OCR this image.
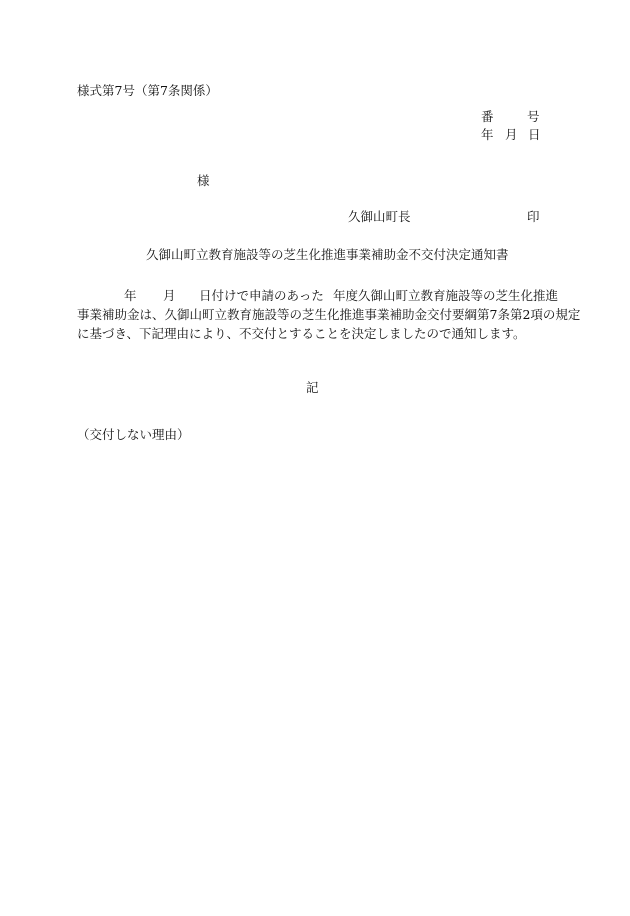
様式第7号（第7条関係）
番	号
年 月 日
様
久御山町長	印
久御山町立教育施設等の芝生化推進事業補助金不交付決定通知書
年 月 日付けで申請のあった 年度久御山町立教育施設等の芝生化推進
事業補助金は、久御山町立教育施設等の芝生化推進事業補助金交付要綱第7条第2項の規定
に基づき、下記理由により、不交付とすることを決定しましたので通知します。
記
（交付しない理由）
